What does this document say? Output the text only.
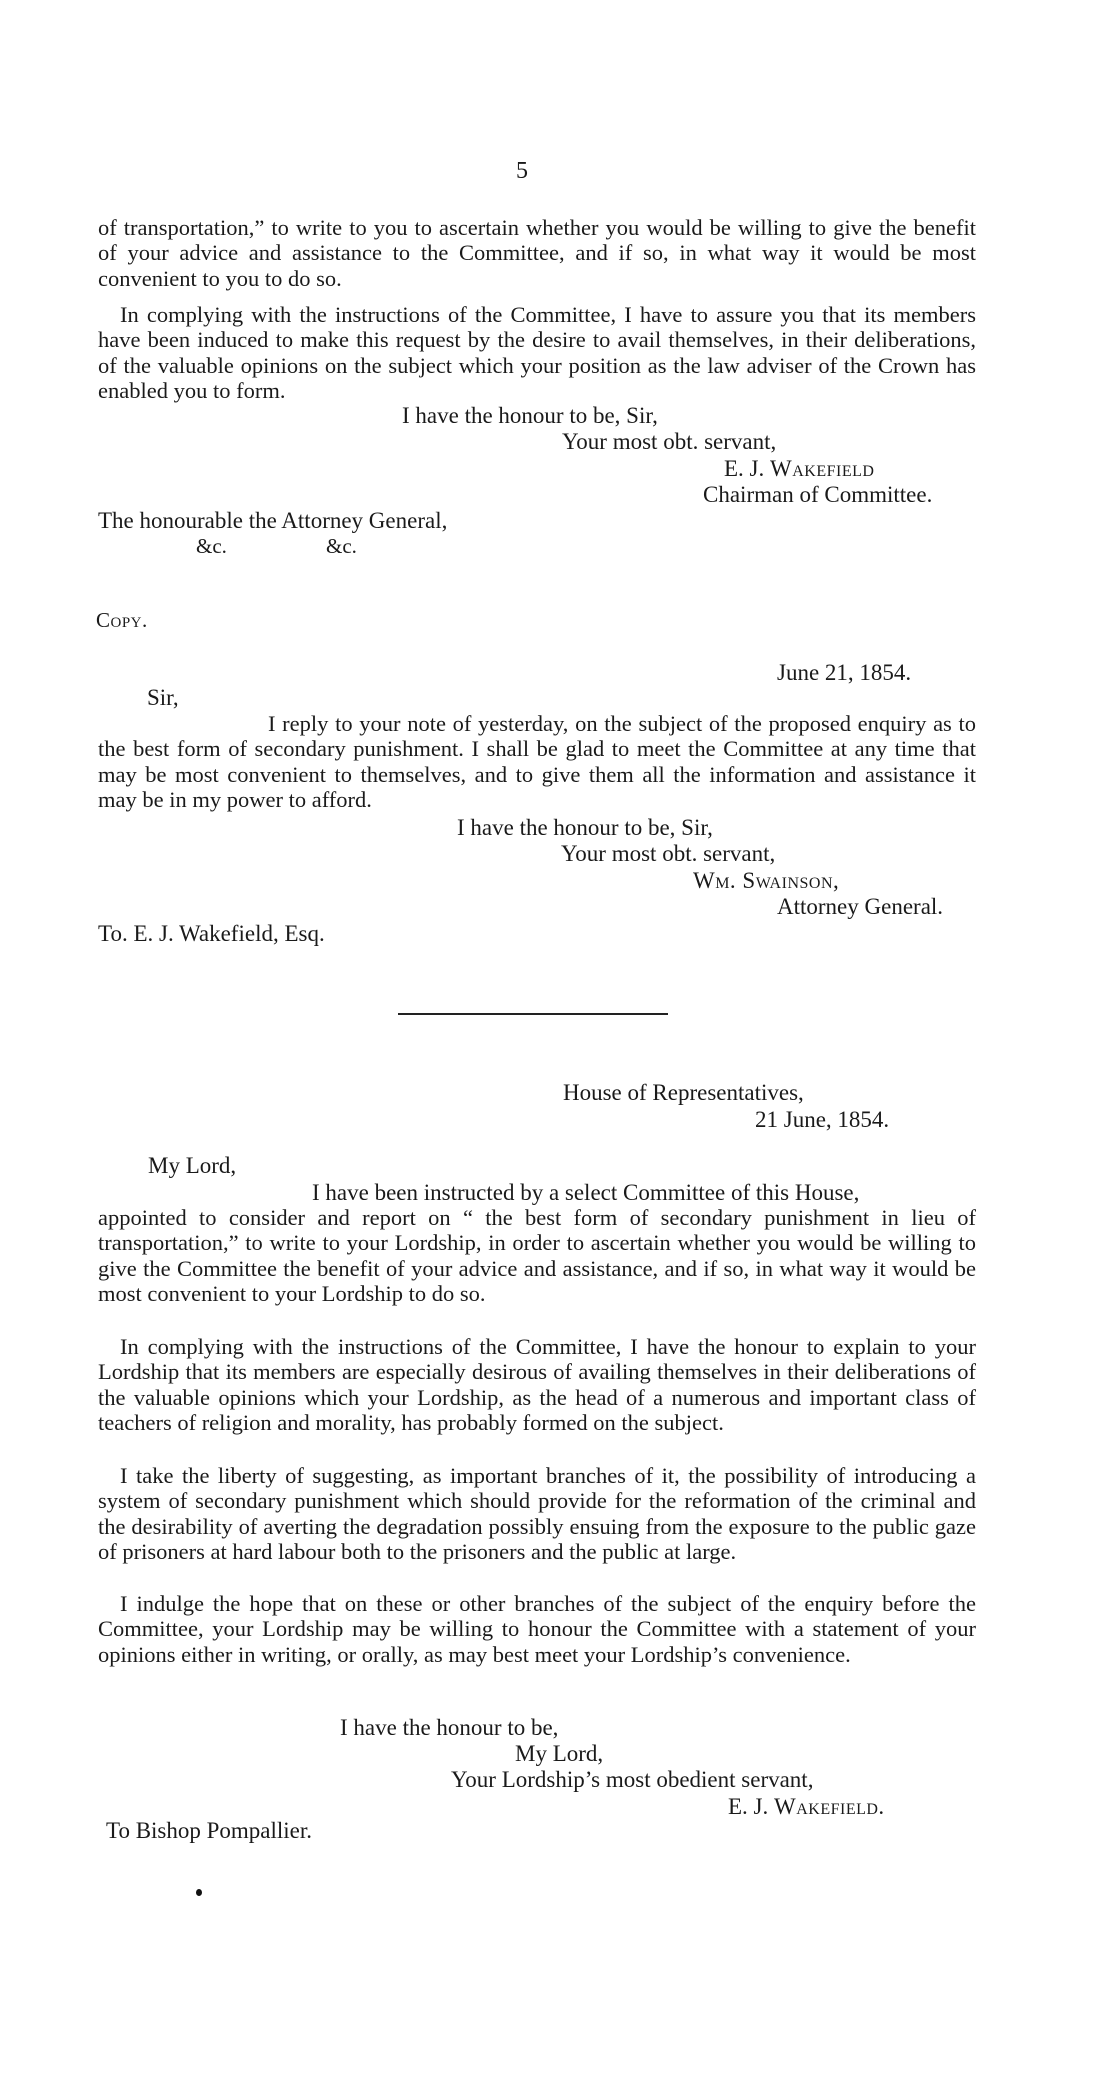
5
of transportation,” to write to you to ascertain whether you would be willing to give the benefit of your advice and assistance to the Committee, and if so, in what way it would be most convenient to you to do so.
In complying with the instructions of the Committee, I have to assure you that its members have been induced to make this request by the desire to avail themselves, in their deliberations, of the valuable opinions on the subject which your position as the law adviser of the Crown has enabled you to form.
I have the honour to be, Sir,
Your most obt. servant,
E. J. Wakefield
Chairman of Committee.
The honourable the Attorney General,
&c.	&c.
Copy.
June 21, 1854.
Sir,
I reply to your note of yesterday, on the subject of the proposed enquiry as to the best form of secondary punishment. I shall be glad to meet the Committee at any time that may be most convenient to themselves, and to give them all the information and assistance it may be in my power to afford.
I have the honour to be, Sir,
Your most obt. servant,
Wm. Swainson,
Attorney General.
To. E. J. Wakefield, Esq.
House of Representatives,
21 June, 1854.
My Lord,
I have been instructed by a select Committee of this House,
appointed to consider and report on “ the best form of secondary punishment in lieu of transportation,” to write to your Lordship, in order to ascertain whether you would be willing to give the Committee the benefit of your advice and assistance, and if so, in what way it would be most convenient to your Lordship to do so.
In complying with the instructions of the Committee, I have the honour to explain to your Lordship that its members are especially desirous of availing themselves in their deliberations of the valuable opinions which your Lordship, as the head of a numerous and important class of teachers of religion and morality, has probably formed on the subject.
I take the liberty of suggesting, as important branches of it, the possibility of introducing a system of secondary punishment which should provide for the reformation of the criminal and the desirability of averting the degradation possibly ensuing from the exposure to the public gaze of prisoners at hard labour both to the prisoners and the public at large.
I indulge the hope that on these or other branches of the subject of the enquiry before the Committee, your Lordship may be willing to honour the Committee with a statement of your opinions either in writing, or orally, as may best meet your Lordship’s convenience.
I have the honour to be,
My Lord,
Your Lordship’s most obedient servant,
E. J. Wakefield.
To Bishop Pompallier.
